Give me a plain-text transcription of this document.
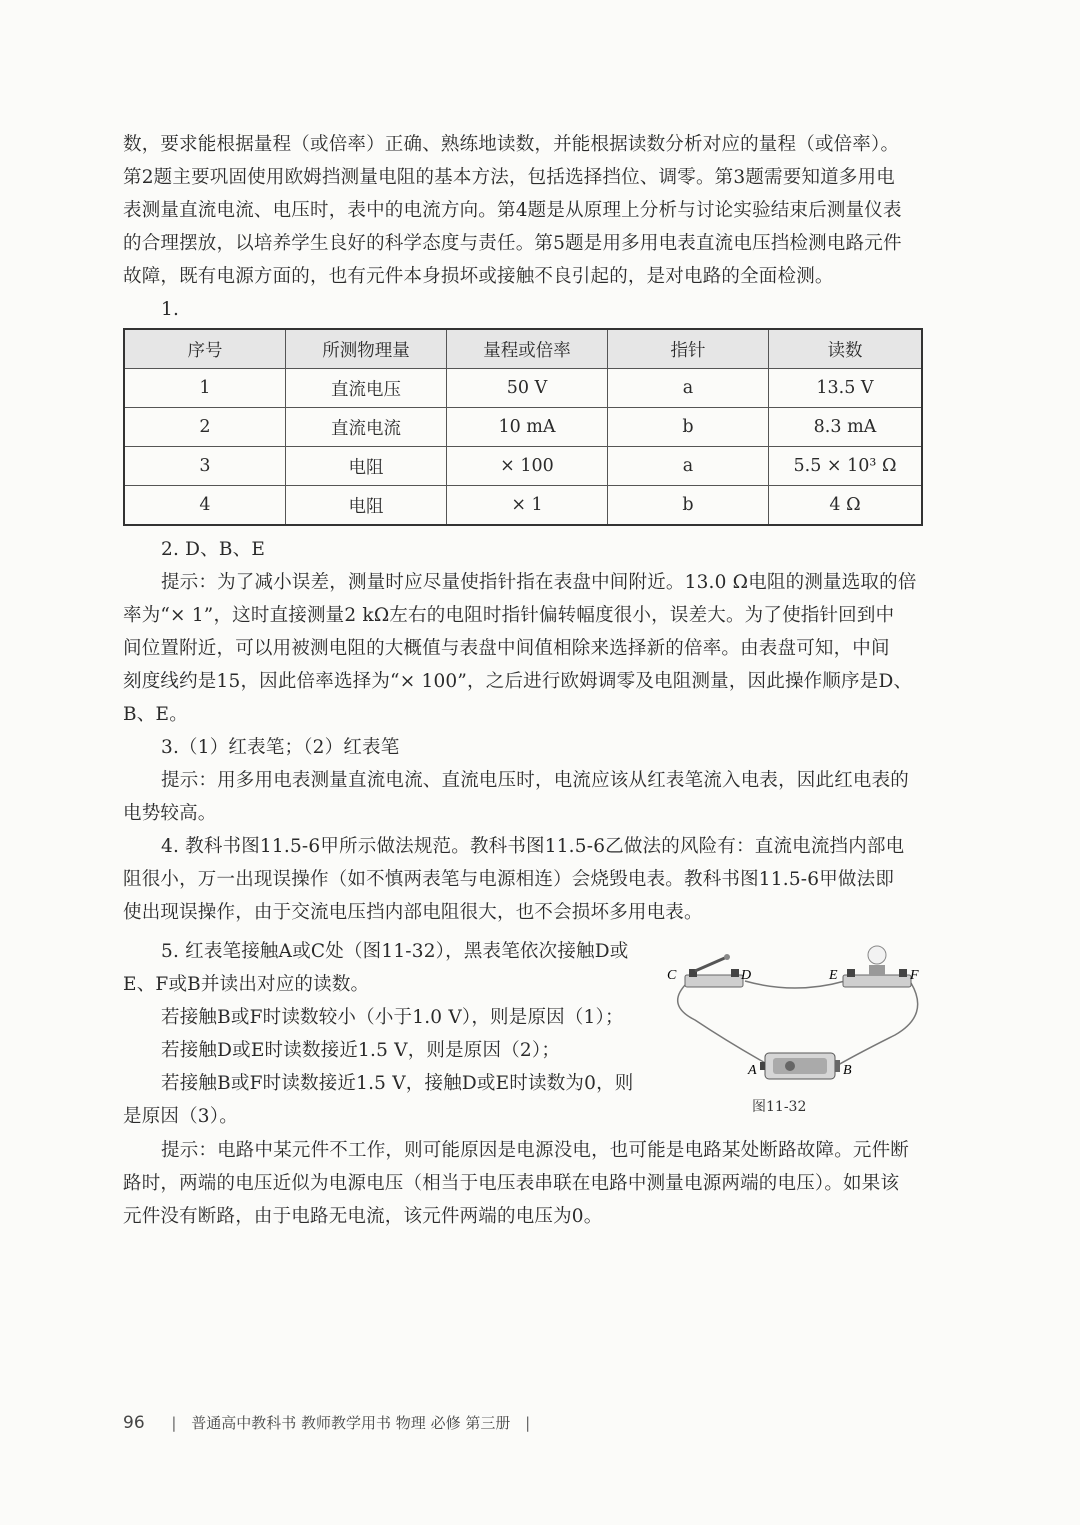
数，要求能根据量程（或倍率）正确、熟练地读数，并能根据读数分析对应的量程（或倍率）。

第2题主要巩固使用欧姆挡测量电阻的基本方法，包括选择挡位、调零。第3题需要知道多用电

表测量直流电流、电压时，表中的电流方向。第4题是从原理上分析与讨论实验结束后测量仪表

的合理摆放，以培养学生良好的科学态度与责任。第5题是用多用电表直流电压挡检测电路元件

故障，既有电源方面的，也有元件本身损坏或接触不良引起的，是对电路的全面检测。

1.

序号	所测物理量	量程或倍率	指针	读数
1	直流电压	50 V	a	13.5 V
2	直流电流	10 mA	b	8.3 mA
3	电阻	× 100	a	5.5 × 10³ Ω
4	电阻	× 1	b	4 Ω

2. D、B、E

提示：为了减小误差，测量时应尽量使指针指在表盘中间附近。13.0 Ω电阻的测量选取的倍

率为“× 1”，这时直接测量2 kΩ左右的电阻时指针偏转幅度很小，误差大。为了使指针回到中

间位置附近，可以用被测电阻的大概值与表盘中间值相除来选择新的倍率。由表盘可知，中间

刻度线约是15，因此倍率选择为“× 100”，之后进行欧姆调零及电阻测量，因此操作顺序是D、

B、E。

3.（1）红表笔；（2）红表笔

提示：用多用电表测量直流电流、直流电压时，电流应该从红表笔流入电表，因此红电表的

电势较高。

4. 教科书图11.5-6甲所示做法规范。教科书图11.5-6乙做法的风险有：直流电流挡内部电

阻很小，万一出现误操作（如不慎两表笔与电源相连）会烧毁电表。教科书图11.5-6甲做法即

使出现误操作，由于交流电压挡内部电阻很大，也不会损坏多用电表。

5. 红表笔接触A或C处（图11-32），黑表笔依次接触D或

E、F或B并读出对应的读数。

若接触B或F时读数较小（小于1.0 V），则是原因（1）；

若接触D或E时读数接近1.5 V，则是原因（2）；

若接触B或F时读数接近1.5 V，接触D或E时读数为0，则

是原因（3）。

C	D	E	F
A	B
图11-32

提示：电路中某元件不工作，则可能原因是电源没电，也可能是电路某处断路故障。元件断

路时，两端的电压近似为电源电压（相当于电压表串联在电路中测量电源两端的电压）。如果该

元件没有断路，由于电路无电流，该元件两端的电压为0。

96 | 普通高中教科书 教师教学用书 物理 必修 第三册 |
